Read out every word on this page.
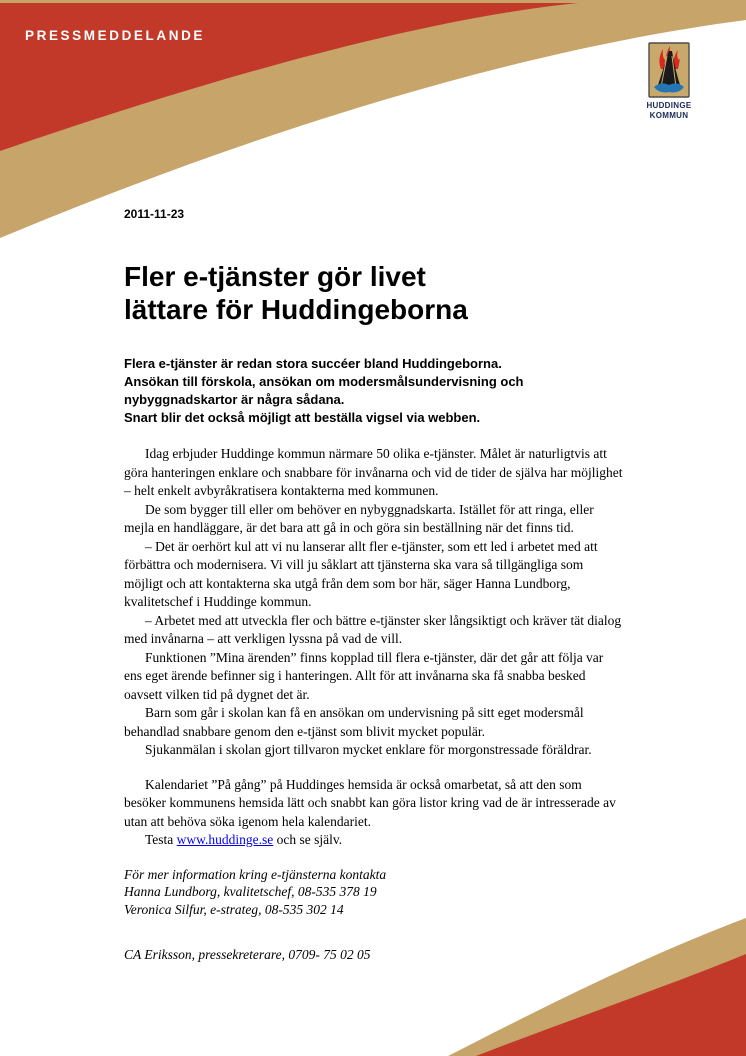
PRESSMEDDELANDE
HUDDINGE
KOMMUN
2011-11-23
Fler e-tjänster gör livet
lättare för Huddingeborna
Flera e-tjänster är redan stora succéer bland Huddingeborna.
Ansökan till förskola, ansökan om modersmålsundervisning och nybyggnadskartor är några sådana.
Snart blir det också möjligt att beställa vigsel via webben.

Idag erbjuder Huddinge kommun närmare 50 olika e-tjänster. Målet är naturligtvis att göra hanteringen enklare och snabbare för invånarna och vid de tider de själva har möjlighet – helt enkelt avbyråkratisera kontakterna med kommunen.

De som bygger till eller om behöver en nybyggnadskarta. Istället för att ringa, eller mejla en handläggare, är det bara att gå in och göra sin beställning när det finns tid.

– Det är oerhört kul att vi nu lanserar allt fler e-tjänster, som ett led i arbetet med att förbättra och modernisera. Vi vill ju såklart att tjänsterna ska vara så tillgängliga som möjligt och att kontakterna ska utgå från dem som bor här, säger Hanna Lundborg, kvalitetschef i Huddinge kommun.

– Arbetet med att utveckla fler och bättre e-tjänster sker långsiktigt och kräver tät dialog med invånarna – att verkligen lyssna på vad de vill.

Funktionen ”Mina ärenden” finns kopplad till flera e-tjänster, där det går att följa var ens eget ärende befinner sig i hanteringen. Allt för att invånarna ska få snabba besked oavsett vilken tid på dygnet det är.

Barn som går i skolan kan få en ansökan om undervisning på sitt eget modersmål behandlad snabbare genom den e-tjänst som blivit mycket populär.

Sjukanmälan i skolan gjort tillvaron mycket enklare för morgonstressade föräldrar.

Kalendariet ”På gång” på Huddinges hemsida är också omarbetat, så att den som besöker kommunens hemsida lätt och snabbt kan göra listor kring vad de är intresserade av utan att behöva söka igenom hela kalendariet.

Testa www.huddinge.se och se själv.

För mer information kring e-tjänsterna kontakta
Hanna Lundborg, kvalitetschef, 08-535 378 19
Veronica Silfur, e-strateg, 08-535 302 14
CA Eriksson, pressekreterare, 0709- 75 02 05
